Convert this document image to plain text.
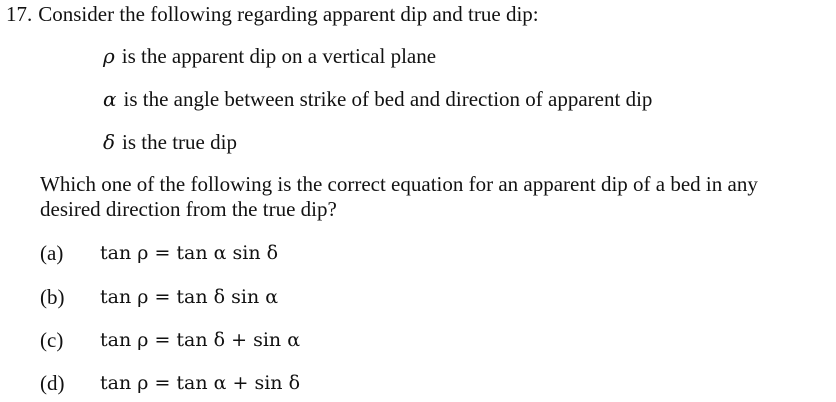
17. Consider the following regarding apparent dip and true dip:
ρ is the apparent dip on a vertical plane
α is the angle between strike of bed and direction of apparent dip
δ is the true dip
Which one of the following is the correct equation for an apparent dip of a bed in any desired direction from the true dip?
(a) tan ρ = tan α sin δ
(b) tan ρ = tan δ sin α
(c) tan ρ = tan δ + sin α
(d) tan ρ = tan α + sin δ
